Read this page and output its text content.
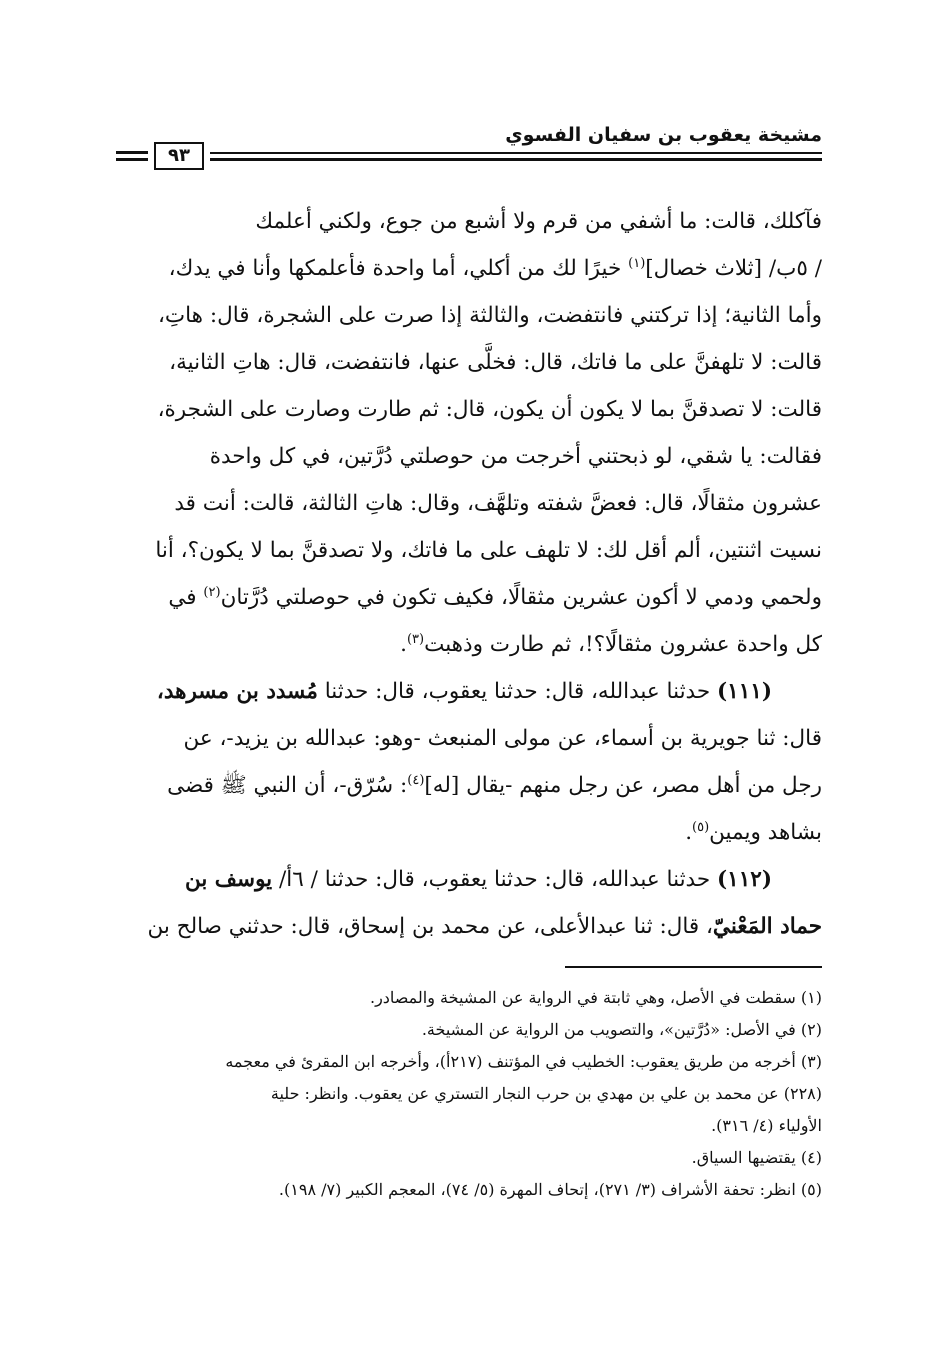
مشيخة يعقوب بن سفيان الفسوي
٩٣

فآكلك، قالت: ما أشفي من قرم ولا أشبع من جوع، ولكني أعلمك
/ ٥ب/ [ثلاث خصال]$^{(١)}$ خيرًا لك من أكلي، أما واحدة فأعلمكها وأنا في يدك،
وأما الثانية؛ إذا تركتني فانتفضت، والثالثة إذا صرت على الشجرة، قال: هاتِ،
قالت: لا تلهفنَّ على ما فاتك، قال: فخلَّى عنها، فانتفضت، قال: هاتِ الثانية،
قالت: لا تصدقنَّ بما لا يكون أن يكون، قال: ثم طارت وصارت على الشجرة،
فقالت: يا شقي، لو ذبحتني أخرجت من حوصلتي دُرَّتين، في كل واحدة
عشرون مثقالًا، قال: فعضَّ شفته وتلهَّف، وقال: هاتِ الثالثة، قالت: أنت قد
نسيت اثنتين، ألم أقل لك: لا تلهف على ما فاتك، ولا تصدقنَّ بما لا يكون؟، أنا
ولحمي ودمي لا أكون عشرين مثقالًا، فكيف تكون في حوصلتي دُرَّتان$^{(٢)}$ في
كل واحدة عشرون مثقالًا؟!، ثم طارت وذهبت$^{(٣)}$.

(١١١) حدثنا عبدالله، قال: حدثنا يعقوب، قال: حدثنا مُسدد بن مسرهد،

قال: ثنا جويرية بن أسماء، عن مولى المنبعث -وهو: عبدالله بن يزيد-، عن
رجل من أهل مصر، عن رجل منهم -يقال [له]$^{(٤)}$: سُرّق-، أن النبي ﷺ قضى
بشاهد ويمين$^{(٥)}$.

(١١٢) حدثنا عبدالله، قال: حدثنا يعقوب، قال: حدثنا / ٦أ/ يوسف بن

حماد المَعْنيّ، قال: ثنا عبدالأعلى، عن محمد بن إسحاق، قال: حدثني صالح بن

(١) سقطت في الأصل، وهي ثابتة في الرواية عن المشيخة والمصادر.

(٢) في الأصل: «دُرَّتين»، والتصويب من الرواية عن المشيخة.

(٣) أخرجه من طريق يعقوب: الخطيب في المؤتنف (٢١٧أ)، وأخرجه ابن المقرئ في معجمه
(٢٢٨) عن محمد بن علي بن مهدي بن حرب النجار التستري عن يعقوب. وانظر: حلية
الأولياء (٤/ ٣١٦).

(٤) يقتضيها السياق.

(٥) انظر: تحفة الأشراف (٣/ ٢٧١)، إتحاف المهرة (٥/ ٧٤)، المعجم الكبير (٧/ ١٩٨).
